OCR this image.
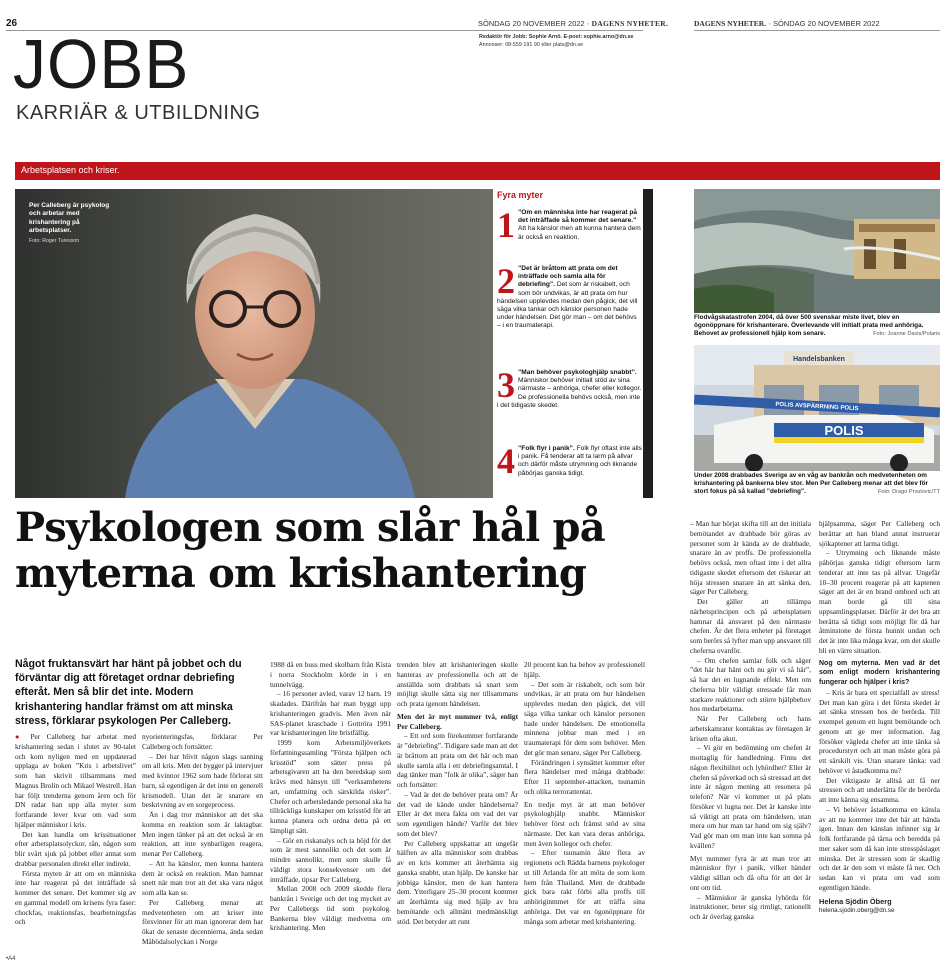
26	SÖNDAG 20 NOVEMBER 2022 ◦ DAGENS NYHETER.
Redaktör för Jobb: Sophie Arnö. E-post: sophie.arno@dn.se
Annonser: 08-559 191 90 eller plats@dn.se
DAGENS NYHETER. ◦ SÖNDAG 20 NOVEMBER 2022
JOBB
KARRIÄR & UTBILDNING
Arbetsplatsen och kriser.
Per Calleberg är psykolog och arbetar med krishantering på arbetsplatser.
Foto: Roger Turesson
Fyra myter
1 ”Om en människa inte har reagerat på det inträffade så kommer det senare.” Att ha känslor men att kunna hantera dem är också en reaktion.
2 ”Det är bråttom att prata om det inträffade och samla alla för debriefing”. Det som är riskabelt, och som bör undvikas, är att prata om hur händelsen upplevdes medan den pågick, det vill säga vilka tankar och känslor personen hade under händelsen. Det gör man – om det behövs – i en traumaterapi.
3 ”Man behöver psykologhjälp snabbt”. Människor behöver initialt stöd av sina närmaste – anhöriga, chefer eller kollegor. De professionella behövs också, men inte i det tidigaste skedet.
4 ”Folk flyr i panik”. Folk flyr oftast inte alls i panik. Få tenderar att ta larm på allvar och därför måste utrymning och liknande påbörjas ganska tidigt.
Flodvågskatastrofen 2004, då över 500 svenskar miste livet, blev en ögonöppnare för krishanterare. Överlevande vill initialt prata med anhöriga. Behovet av professionell hjälp kom senare.	Foto: Joanne Davis/Polaris
Handelsbanken
POLIS AVSPÄRRNING POLIS
POLIS
Under 2008 drabbades Sverige av en våg av bankrån och medvetenheten om krishantering på bankerna blev stor. Men Per Calleberg menar att det blev för stort fokus på så kallad ”debriefing”.	Foto: Drago Prvulovic/TT
Psykologen som slår hål på myterna om krishantering
Något fruktansvärt har hänt på jobbet och du förväntar dig att företaget ordnar debriefing efteråt. Men så blir det inte. Modern krishantering handlar främst om att minska stress, förklarar psykologen Per Calleberg.

● Per Calleberg har arbetat med krishantering sedan i slutet av 90-talet och kom nyligen med en uppdaterad upplaga av boken ”Kris i arbetslivet” som han skrivit tillsammans med Magnus Brolin och Mikael Westrell. Han har följt trenderna genom åren och för DN radar han upp alla myter som fortfarande lever kvar om vad som hjälper människor i kris.

Det kan handla om krissituationer efter arbetsplatsolyckor, rån, någon som blir svårt sjuk på jobbet eller annat som drabbar personalen direkt eller indirekt.

Första myten är att om en människa inte har reagerat på det inträffade så kommer det senare. Det kommer sig av en gammal modell om krisens fyra faser: chockfas, reaktionsfas, bearbetningsfas och

nyorienteringsfas, förklarar Per Calleberg och fortsätter:

– Det har blivit någon slags sanning om all kris. Men det bygger på intervjuer med kvinnor 1962 som hade förlorat sitt barn, så egentligen är det inte en generell krismodell. Utan det är snarare en beskrivning av en sorgeprocess.

Än i dag tror människor att det ska komma en reaktion som är laktagbar. Men ingen tänker på att det också är en reaktion, att inte synbarligen reagera, menar Per Calleberg.

– Att ha känslor, men kunna hantera dem är också en reaktion. Man hamnar snett när man tror att det ska vara något som alla kan se.

Per Calleberg menar att medvetenheten om att kriser inte försvinner för att man ignorerar dem har ökat de senaste decennierna, ända sedan Måbödalsolyckan i Norge

1988 då en buss med skolbarn från Kista i norra Stockholm körde in i en tunnelvägg.

– 16 personer avled, varav 12 barn. 19 skadades. Därifrån har man byggt upp krishanteringen gradvis. Men även när SAS-planet kraschade i Gottröra 1991 var krishanteringen lite bristfällig.

1999 kom Arbetsmiljöverkets författningssamling ”Första hjälpen och krisstöd” som sätter press på arbetsgivaren att ha den beredskap som krävs med hänsyn till ”verksamhetens art, omfattning och särskilda risker”. Chefer och arbetsledande personal ska ha tillräckliga kunskaper om krisstöd för att kunna planera och ordna detta på ett lämpligt sätt.

– Gör en riskanalys och ta höjd för det som är mest sannolikt och det som är mindre sannolikt, men som skulle få väldigt stora konsekvenser om det inträffade, tipsar Per Calleberg.

Mellan 2008 och 2009 skedde flera bankrån i Sverige och det tog mycket av Per Callebergs tid som psykolog. Bankerna blev väldigt medvetna om krishantering. Men

trenden blev att krishanteringen skulle hanteras av professionella och att de anställda som drabbats så snart som möjligt skulle sätta sig ner tillsammans och prata igenom händelsen.

Men det är myt nummer två, enligt Per Calleberg.

– Ett ord som förekommer fortfarande är ”debriefing”. Tidigare sade man att det är bråttom att prata om det här och man skulle samla alla i ett debriefingsamtal. I dag tänker man ”folk är olika”, säger han och fortsätter:

– Vad är det de behöver prata om? Är det vad de kände under händelserna? Eller är det mera fakta om vad det var som egentligen hände? Varför det blev som det blev?

Per Calleberg uppskattar att ungefär hälften av alla människor som drabbas av en kris kommer att återhämta sig ganska snabbt, utan hjälp. De kanske har jobbiga känslor, men de kan hantera dem. Ytterligare 25–30 procent kommer att återhämta sig med hjälp av bra bemötande och allmänt medmänskligt stöd. Det betyder att runt

20 procent kan ha behov av professionell hjälp.

– Det som är riskabelt, och som bör undvikas, är att prata om hur händelsen upplevdes medan den pågick, det vill säga vilka tankar och känslor personen hade under händelsen. De emotionella minnena jobbar man med i en traumaterapi för dem som behöver. Men det gör man senare, säger Per Calleberg.

Förändringen i synsättet kommer efter flera händelser med många drabbade: Efter 11 september-attacken, tsunamin och olika terrorattentat.

En tredje myt är att man behöver psykologhjälp snabbt. Människor behöver först och främst stöd av sina närmaste. Det kan vara deras anhöriga, men även kollegor och chefer.

– Efter tsunamin åkte flera av regionens och Rädda barnens psykologer ut till Arlanda för att möta de som kom hem från Thailand. Men de drabbade gick bara rakt förbi alla proffs till anhöriginmmet för att träffa sina anhöriga. Det var en ögonöppnare för många som arbetar med krishantering.

– Man har börjat skifta till att det initiala bemötandet av drabbade bör göras av personer som är kända av de drabbade, snarare än av proffs. De professionella behövs också, men oftast inte i det allra tidigaste skedet eftersom det riskerar att höja stressen snarare än att sänka den, säger Per Calleberg.

Det gäller att tillämpa närhetsprincipen och på arbetsplatsen hamnar då ansvaret på den närmaste chefen. Är det flera enheter på företaget som berörs så lyfter man upp ansvaret till cheferna ovanför.

– Om chefen samlar folk och säger ”det här har hänt och nu gör vi så här”, så har det en lugnande effekt. Men om cheferna blir väldigt stressade får man starkare reaktioner och större hjälpbehov hos medarbetarna.

När Per Calleberg och hans arbetskamrater kontaktas av företagen är krisen ofta akut.

– Vi gör en bedömning om chefen är mottaglig för handledning. Finns det någon flexibilitet och lyhördhet? Eller är chefen så påverkad och så stressad att det inte är någon mening att resonera på telefon? När vi kommer ut på plats försöker vi lugna ner. Det är kanske inte så viktigt att prata om händelsen, utan mera om hur man tar hand om sig själv? Vad gör man om man inte kan somna på kvällen?

Myt nummer fyra är att man tror att människor flyr i panik, vilket händer väldigt sällan och då ofta för att det är ont om tid.

– Människor är ganska lyhörda för instruktioner, beter sig rimligt, rationellt och är överlag ganska

hjälpsamma, säger Per Calleberg och berättar att han bland annat instruerar sjökaptener att larma tidigt.

– Utrymning och liknande måste påbörjas ganska tidigt eftersom larm tenderar att inte tas på allvar. Ungefär 10–30 procent reagerar på att kaptenen säger att det är en brand ombord och att man borde gå till sina uppsamlingsplatser. Därför är det bra att berätta så tidigt som möjligt för då har åtminstone de första hunnit undan och det är inte lika många kvar, om det skulle bli en värre situation.

Nog om myterna. Men vad är det som enligt modern krishantering fungerar och hjälper i kris?

– Kris är bara ett specialfall av stress! Det man kan göra i det första skedet är att sänka stressen hos de berörda. Till exempel genom ett lugnt bemötande och genom att ge mer information. Jag försöker vägleda chefer att inte tänka så procedurstyrt och att man måste göra på ett särskilt vis. Utan snarare tänka: vad behöver vi åstadkomma nu?

Det viktigaste är alltså att få ner stressen och att underlätta för de berörda att inte känna sig ensamma.

– Vi behöver åstadkomma en känsla av att nu kommer inte det här att hända igen. Innan den känslan infinner sig är folk fortfarande på tårna och beredda på mer saker som då kan inte stresspåslaget minska. Det är stressen som är skadlig och det är den som vi måste få ner. Och sedan kan vi prata om vad som egentligen hände.

Helena Sjödin Öberg
helena.sjodin.oberg@dn.se
•A4
